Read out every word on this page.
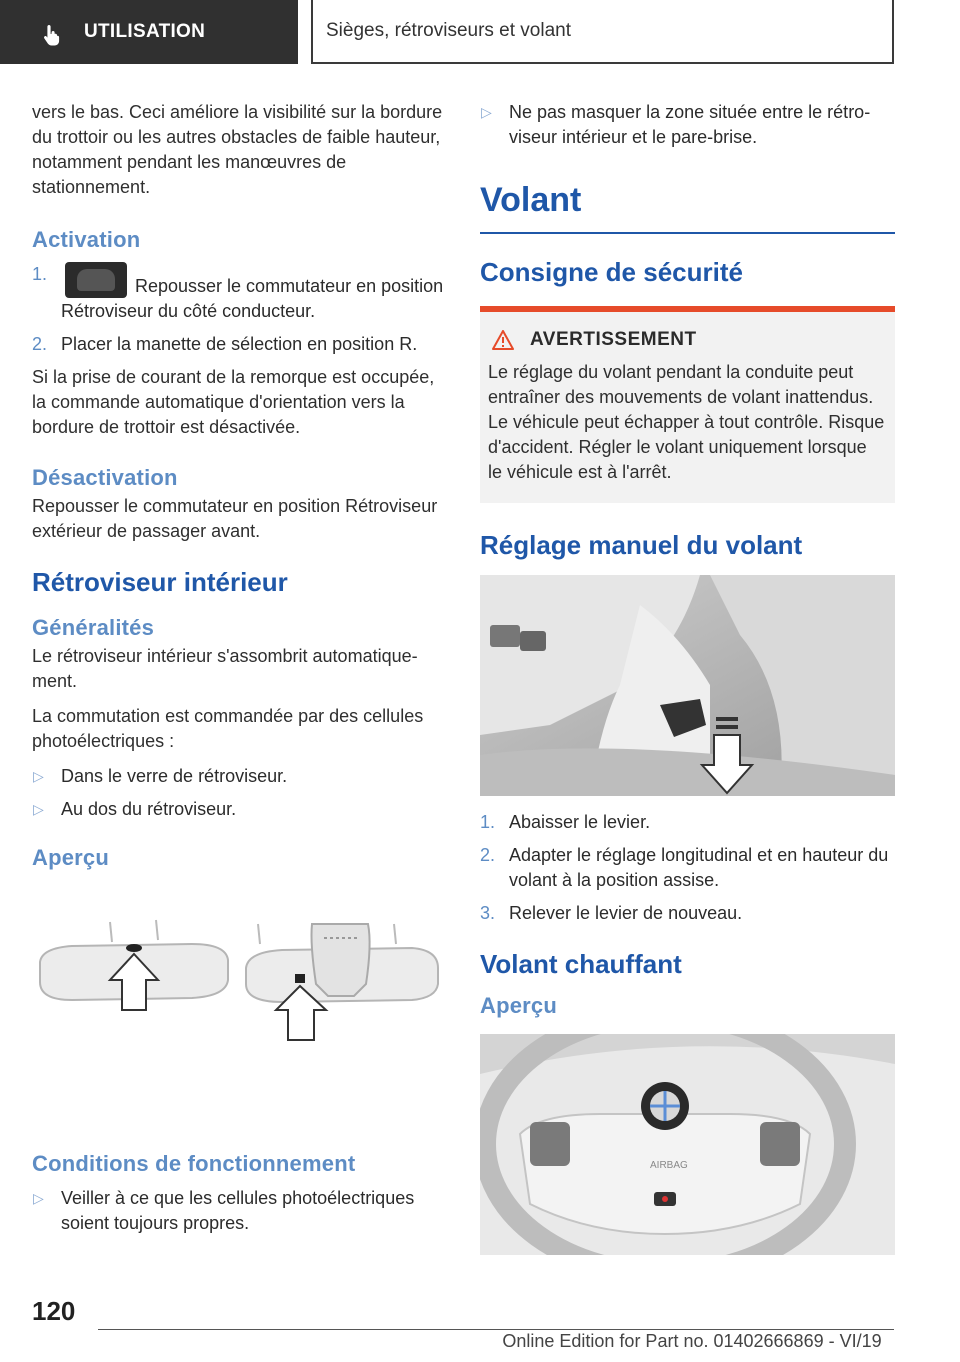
UTILISATION	Sièges, rétroviseurs et volant

vers le bas. Ceci améliore la visibilité sur la bordure du trottoir ou les autres obstacles de faible hauteur, notamment pendant les manœuvres de stationnement.

Activation
1.
Repousser le commutateur en position Rétroviseur du côté conducteur.
2. Placer la manette de sélection en position R.

Si la prise de courant de la remorque est occupée, la commande automatique d'orientation vers la bordure de trottoir est désactivée.

Désactivation

Repousser le commutateur en position Rétroviseur extérieur de passager avant.

Rétroviseur intérieur
Généralités

Le rétroviseur intérieur s'assombrit automatiquement.

La commutation est commandée par des cellules photoélectriques :

▷ Dans le verre de rétroviseur.
▷ Au dos du rétroviseur.
Aperçu
Conditions de fonctionnement
▷ Veiller à ce que les cellules photoélectriques soient toujours propres.
▷ Ne pas masquer la zone située entre le rétroviseur intérieur et le pare-brise.
Volant
Consigne de sécurité
AVERTISSEMENT

Le réglage du volant pendant la conduite peut entraîner des mouvements de volant inattendus. Le véhicule peut échapper à tout contrôle. Risque d'accident. Régler le volant uniquement lorsque le véhicule est à l'arrêt.

Réglage manuel du volant
1. Abaisser le levier.
2. Adapter le réglage longitudinal et en hauteur du volant à la position assise.
3. Relever le levier de nouveau.
Volant chauffant
Aperçu
AIRBAG
120
Online Edition for Part no. 01402666869 - VI/19
